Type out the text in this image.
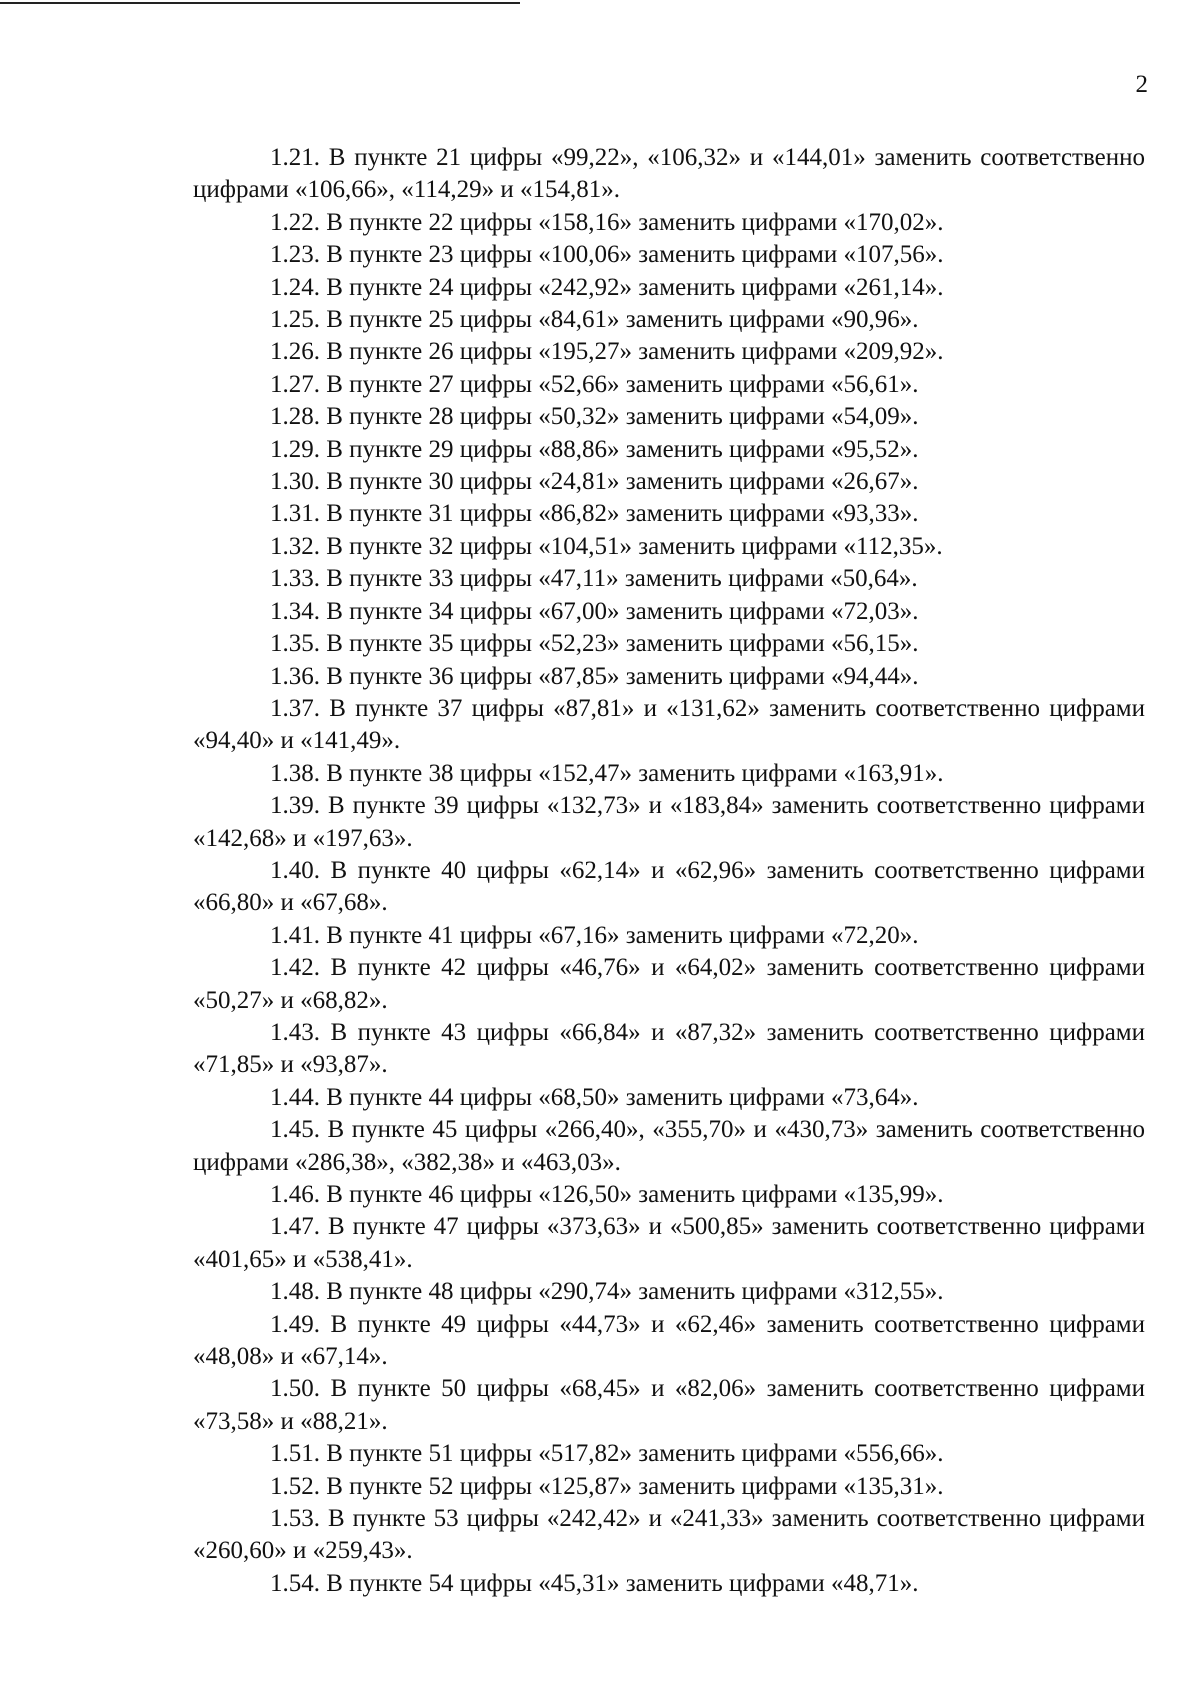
2

1.21. В пункте 21 цифры «99,22», «106,32» и «144,01» заменить соответственно цифрами «106,66», «114,29» и «154,81».

1.22. В пункте 22 цифры «158,16» заменить цифрами «170,02».

1.23. В пункте 23 цифры «100,06» заменить цифрами «107,56».

1.24. В пункте 24 цифры «242,92» заменить цифрами «261,14».

1.25. В пункте 25 цифры «84,61» заменить цифрами «90,96».

1.26. В пункте 26 цифры «195,27» заменить цифрами «209,92».

1.27. В пункте 27 цифры «52,66» заменить цифрами «56,61».

1.28. В пункте 28 цифры «50,32» заменить цифрами «54,09».

1.29. В пункте 29 цифры «88,86» заменить цифрами «95,52».

1.30. В пункте 30 цифры «24,81» заменить цифрами «26,67».

1.31. В пункте 31 цифры «86,82» заменить цифрами «93,33».

1.32. В пункте 32 цифры «104,51» заменить цифрами «112,35».

1.33. В пункте 33 цифры «47,11» заменить цифрами «50,64».

1.34. В пункте 34 цифры «67,00» заменить цифрами «72,03».

1.35. В пункте 35 цифры «52,23» заменить цифрами «56,15».

1.36. В пункте 36 цифры «87,85» заменить цифрами «94,44».

1.37. В пункте 37 цифры «87,81» и «131,62» заменить соответственно цифрами «94,40» и «141,49».

1.38. В пункте 38 цифры «152,47» заменить цифрами «163,91».

1.39. В пункте 39 цифры «132,73» и «183,84» заменить соответственно цифрами «142,68» и «197,63».

1.40. В пункте 40 цифры «62,14» и «62,96» заменить соответственно цифрами «66,80» и «67,68».

1.41. В пункте 41 цифры «67,16» заменить цифрами «72,20».

1.42. В пункте 42 цифры «46,76» и «64,02» заменить соответственно цифрами «50,27» и «68,82».

1.43. В пункте 43 цифры «66,84» и «87,32» заменить соответственно цифрами «71,85» и «93,87».

1.44. В пункте 44 цифры «68,50» заменить цифрами «73,64».

1.45. В пункте 45 цифры «266,40», «355,70» и «430,73» заменить соответственно цифрами «286,38», «382,38» и «463,03».

1.46. В пункте 46 цифры «126,50» заменить цифрами «135,99».

1.47. В пункте 47 цифры «373,63» и «500,85» заменить соответственно цифрами «401,65» и «538,41».

1.48. В пункте 48 цифры «290,74» заменить цифрами «312,55».

1.49. В пункте 49 цифры «44,73» и «62,46» заменить соответственно цифрами «48,08» и «67,14».

1.50. В пункте 50 цифры «68,45» и «82,06» заменить соответственно цифрами «73,58» и «88,21».

1.51. В пункте 51 цифры «517,82» заменить цифрами «556,66».

1.52. В пункте 52 цифры «125,87» заменить цифрами «135,31».

1.53. В пункте 53 цифры «242,42» и «241,33» заменить соответственно цифрами «260,60» и «259,43».

1.54. В пункте 54 цифры «45,31» заменить цифрами «48,71».
